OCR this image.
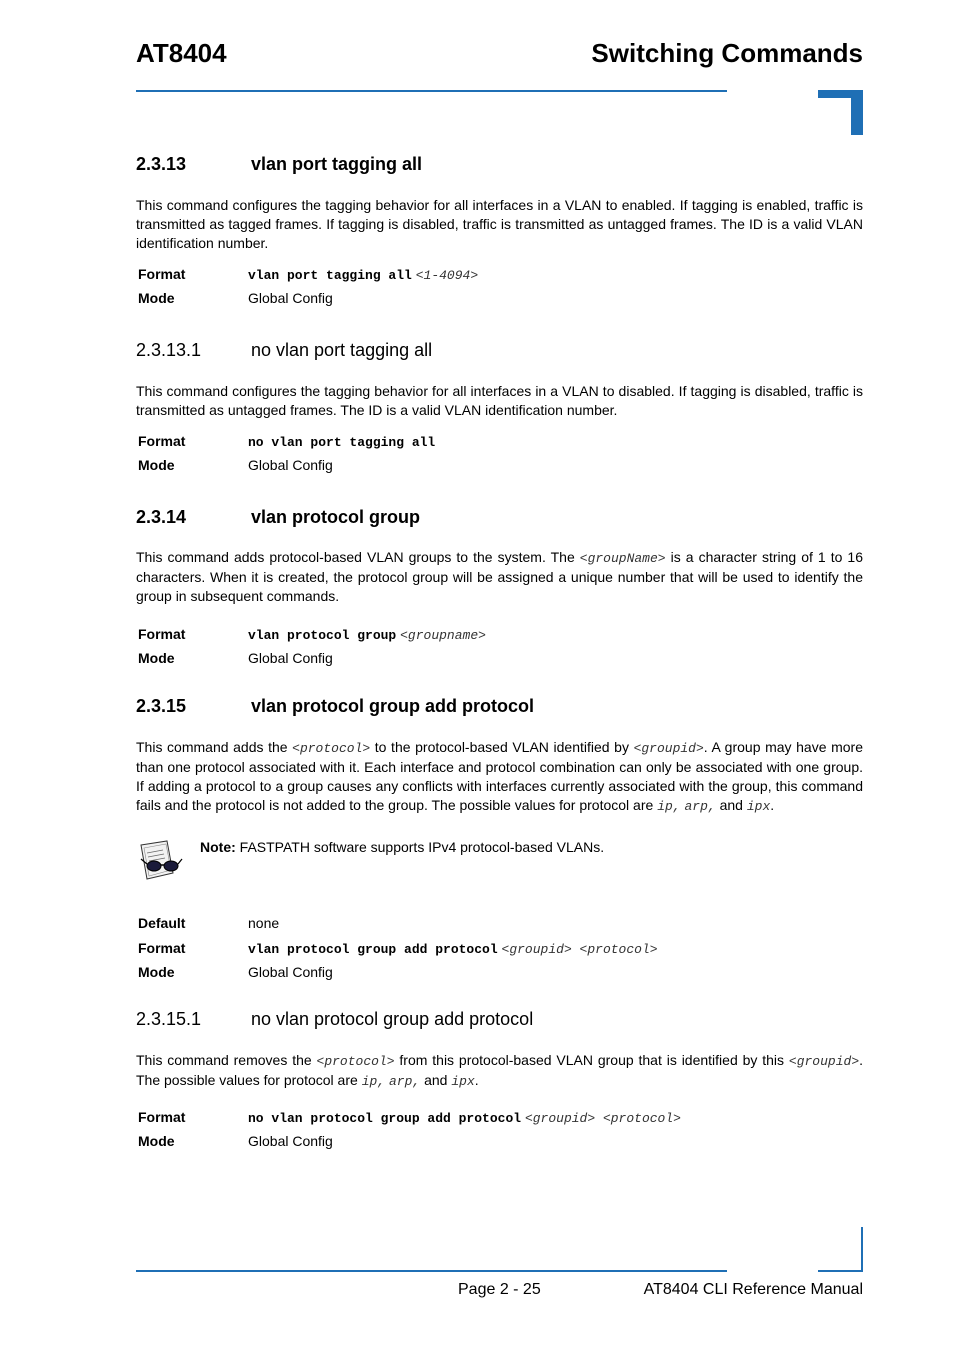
AT8404	Switching Commands
2.3.13	vlan port tagging all
This command configures the tagging behavior for all interfaces in a VLAN to enabled. If tagging is enabled, traffic is transmitted as tagged frames. If tagging is disabled, traffic is transmitted as untagged frames. The ID is a valid VLAN identification number.
Format	vlan port tagging all <1-4094>
Mode	Global Config
2.3.13.1	no vlan port tagging all
This command configures the tagging behavior for all interfaces in a VLAN to disabled. If tagging is disabled, traffic is transmitted as untagged frames. The ID is a valid VLAN identification number.
Format	no vlan port tagging all
Mode	Global Config
2.3.14	vlan protocol group
This command adds protocol-based VLAN groups to the system. The <groupName> is a character string of 1 to 16 characters. When it is created, the protocol group will be assigned a unique number that will be used to identify the group in subsequent commands.
Format	vlan protocol group <groupname>
Mode	Global Config
2.3.15	vlan protocol group add protocol
This command adds the <protocol> to the protocol-based VLAN identified by <groupid>. A group may have more than one protocol associated with it. Each interface and protocol combination can only be associated with one group. If adding a protocol to a group causes any conflicts with interfaces currently associated with the group, this command fails and the protocol is not added to the group. The possible values for protocol are ip, arp, and ipx.
Note: FASTPATH software supports IPv4 protocol-based VLANs.
Default	none
Format	vlan protocol group add protocol <groupid> <protocol>
Mode	Global Config
2.3.15.1	no vlan protocol group add protocol
This command removes the <protocol> from this protocol-based VLAN group that is identified by this <groupid>. The possible values for protocol are ip, arp, and ipx.
Format	no vlan protocol group add protocol <groupid> <protocol>
Mode	Global Config
Page 2 - 25	AT8404 CLI Reference Manual
